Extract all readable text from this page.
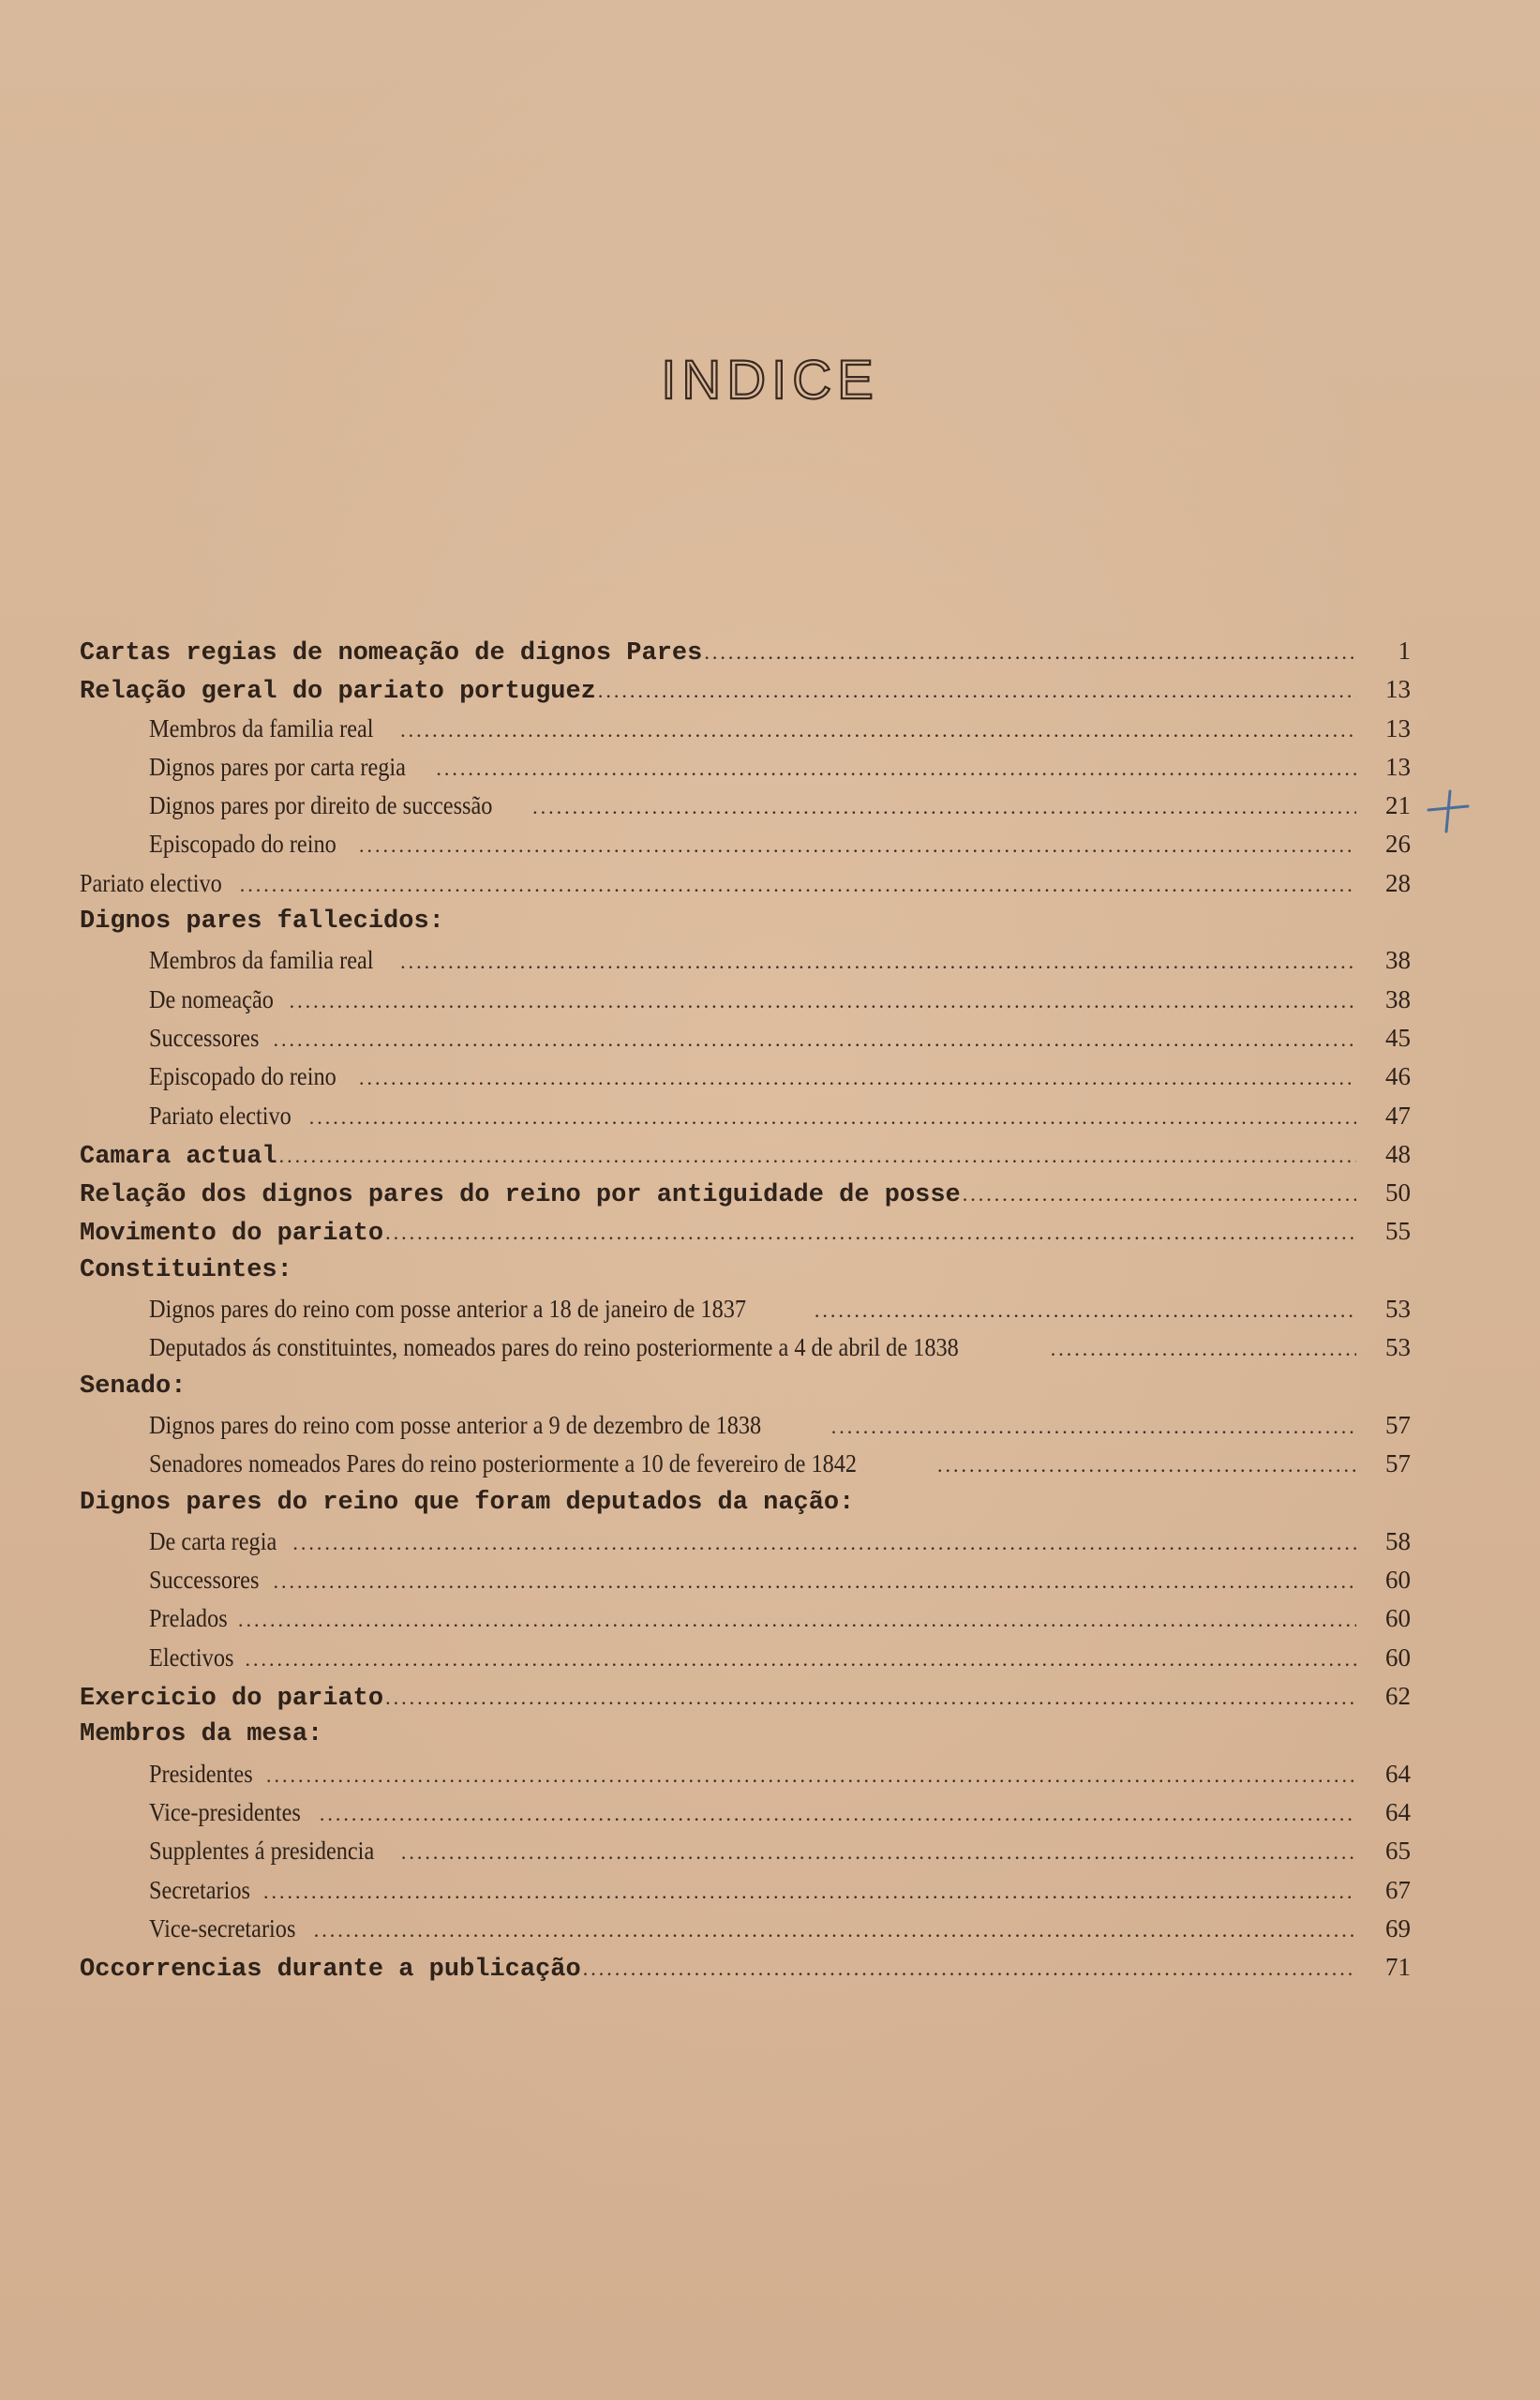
INDICE
Cartas regias de nomeação de dignos Pares .....	1
Relação geral do pariato portuguez .....	13
Membros da familia real .....	13
Dignos pares por carta regia .....	13
Dignos pares por direito de successão .....	21
Episcopado do reino .....	26
Pariato electivo .....	28
Dignos pares fallecidos:
Membros da familia real .....	38
De nomeação .....	38
Successores .....	45
Episcopado do reino .....	46
Pariato electivo .....	47
Camara actual .....	48
Relação dos dignos pares do reino por antiguidade de posse .....	50
Movimento do pariato .....	55
Constituintes:
Dignos pares do reino com posse anterior a 18 de janeiro de 1837 .....	53
Deputados ás constituintes, nomeados pares do reino posteriormente a 4 de abril de 1838 .....	53
Senado:
Dignos pares do reino com posse anterior a 9 de dezembro de 1838 .....	57
Senadores nomeados Pares do reino posteriormente a 10 de fevereiro de 1842 .....	57
Dignos pares do reino que foram deputados da nação:
De carta regia .....	58
Successores .....	60
Prelados .....	60
Electivos .....	60
Exercicio do pariato .....	62
Membros da mesa:
Presidentes .....	64
Vice-presidentes .....	64
Supplentes á presidencia .....	65
Secretarios .....	67
Vice-secretarios .....	69
Occorrencias durante a publicação .....	71
